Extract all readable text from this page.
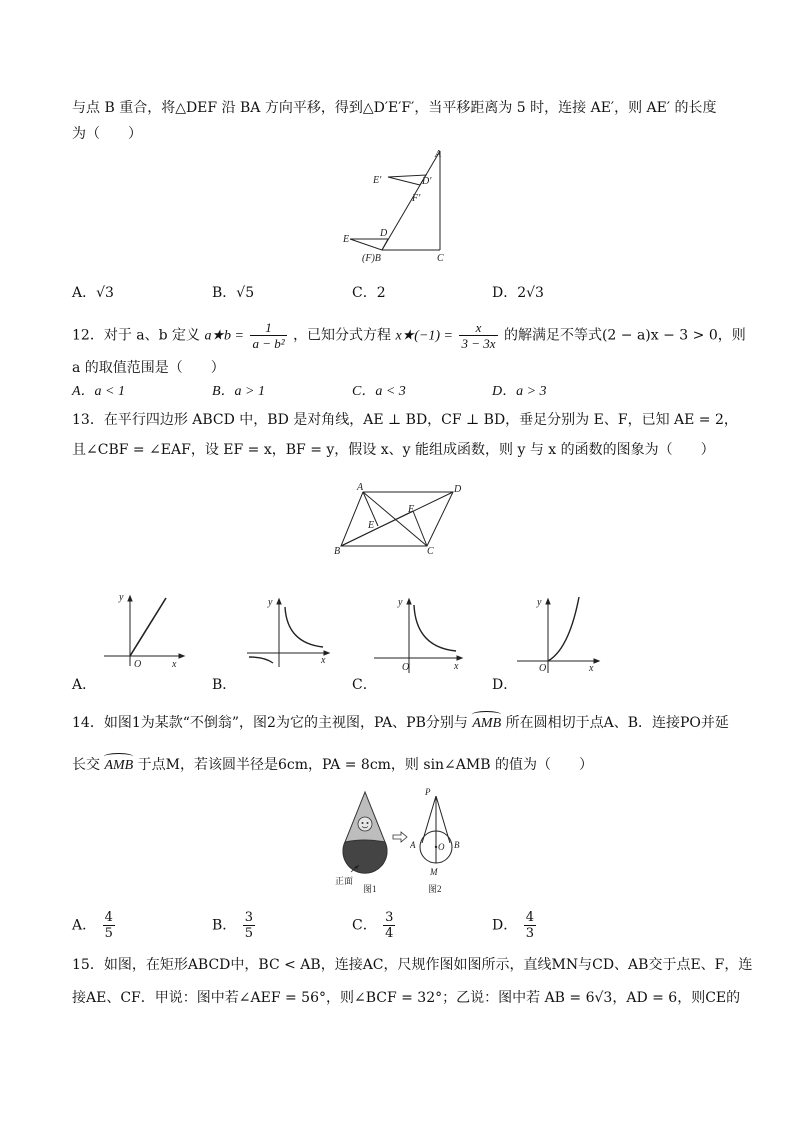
与点 B 重合，将△DEF 沿 BA 方向平移，得到△D′E′F′，当平移距离为 5 时，连接 AE′，则 AE′ 的长度
为（　　）
A
E′	D′
F′
E
D
(F)B	C
A．√3	B．√5	C．2	D．2√3
12．对于 a、b 定义 a★b = $\frac{1}{\text{a − b²}}$ ，已知分式方程 x★(−1) = $\frac{x}{3 - 3x}$ 的解满足不等式(2 − a)x − 3 > 0，则
a 的取值范围是（　　）
A．a < 1	B．a > 1	C．a < 3	D．a > 3
13．在平行四边形 ABCD 中，BD 是对角线，AE ⊥ BD，CF ⊥ BD，垂足分别为 E、F，已知 AE = 2，
且∠CBF = ∠EAF，设 EF = x，BF = y，假设 x、y 能组成函数，则 y 与 x 的函数的图象为（　　）
A	D
E
F
B	C
y
x
O
y
x
y
x
O
y
x
O
A．	B．	C．	D．
14．如图1为某款“不倒翁”，图2为它的主视图，PA、PB分别与 AMB 所在圆相切于点A、B．连接PO并延
长交 AMB 于点M，若该圆半径是6cm，PA = 8cm，则 sin∠AMB 的值为（　　）
正面
图1
P
A	O B
M
图2
A． $\frac{4}{5}$	B． $\frac{3}{5}$	C． $\frac{3}{4}$	D． $\frac{4}{3}$
15．如图，在矩形ABCD中，BC < AB，连接AC，尺规作图如图所示，直线MN与CD、AB交于点E、F，连
接AE、CF．甲说：图中若∠AEF = 56°，则∠BCF = 32°；乙说：图中若 AB = 6√3，AD = 6，则CE的
